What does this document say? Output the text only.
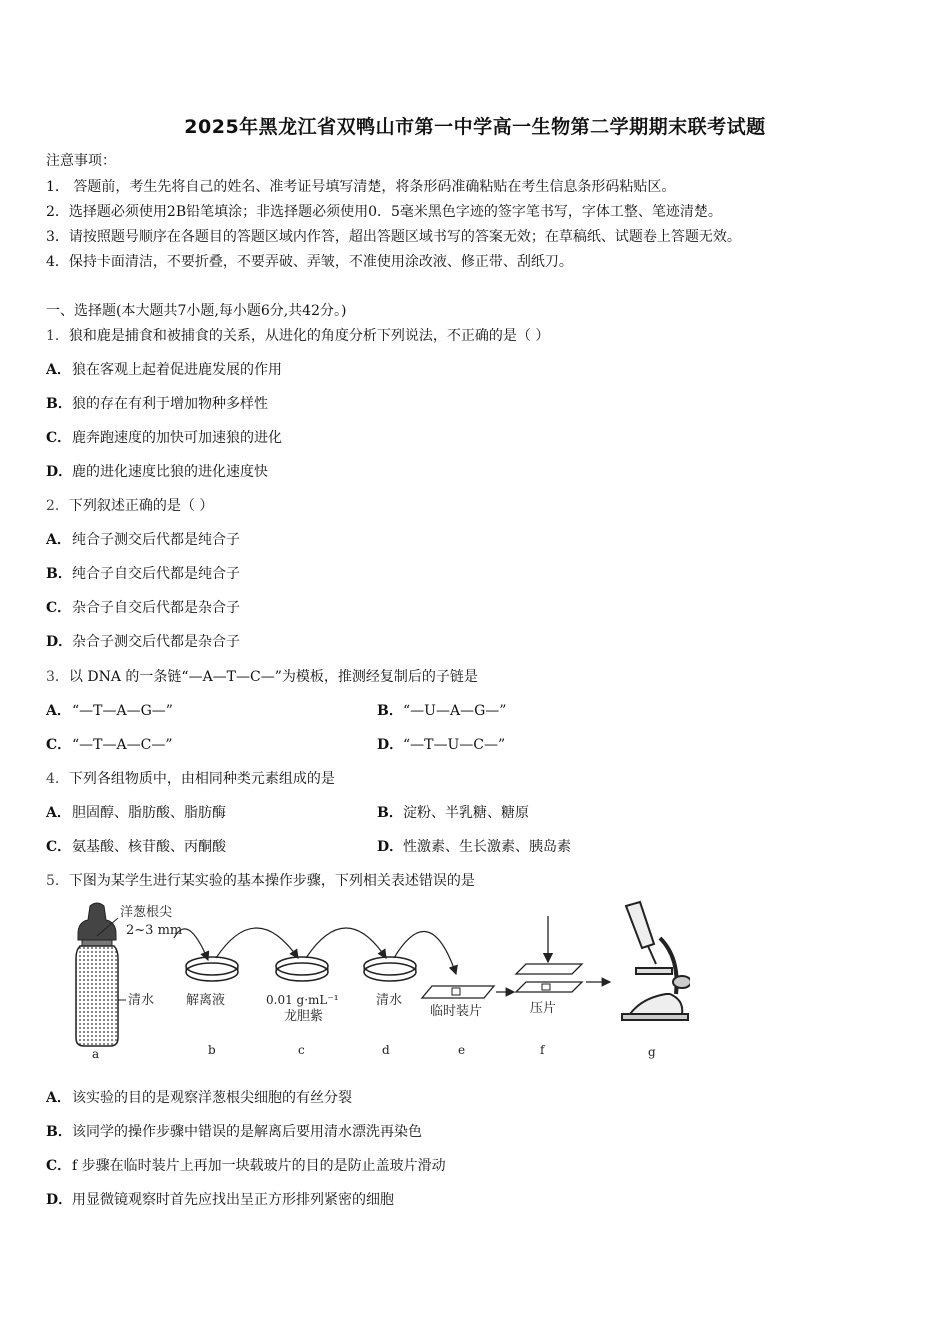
2025年黑龙江省双鸭山市第一中学高一生物第二学期期末联考试题
注意事项：
1． 答题前，考生先将自己的姓名、准考证号填写清楚，将条形码准确粘贴在考生信息条形码粘贴区。
2．选择题必须使用2B铅笔填涂；非选择题必须使用0．5毫米黑色字迹的签字笔书写，字体工整、笔迹清楚。
3．请按照题号顺序在各题目的答题区域内作答，超出答题区域书写的答案无效；在草稿纸、试题卷上答题无效。
4．保持卡面清洁，不要折叠，不要弄破、弄皱，不准使用涂改液、修正带、刮纸刀。
一、选择题(本大题共7小题,每小题6分,共42分。)
1．狼和鹿是捕食和被捕食的关系，从进化的角度分析下列说法，不正确的是（ ）
A．狼在客观上起着促进鹿发展的作用
B．狼的存在有利于增加物种多样性
C．鹿奔跑速度的加快可加速狼的进化
D．鹿的进化速度比狼的进化速度快
2．下列叙述正确的是（ ）
A．纯合子测交后代都是纯合子
B．纯合子自交后代都是纯合子
C．杂合子自交后代都是杂合子
D．杂合子测交后代都是杂合子
3．以 DNA 的一条链“—A—T—C—”为模板，推测经复制后的子链是
A．“—T—A—G—”	B．“—U—A—G—”
C．“—T—A—C—”	D．“—T—U—C—”
4．下列各组物质中，由相同种类元素组成的是
A．胆固醇、脂肪酸、脂肪酶	B．淀粉、半乳糖、糖原
C．氨基酸、核苷酸、丙酮酸	D．性激素、生长激素、胰岛素
5．下图为某学生进行某实验的基本操作步骤，下列相关表述错误的是
洋葱根尖
2~3 mm
清水 解离液	0.01 g·mL⁻¹
龙胆紫
清水
临时装片	压片
a	b	c	d	e	f	g
A．该实验的目的是观察洋葱根尖细胞的有丝分裂
B．该同学的操作步骤中错误的是解离后要用清水漂洗再染色
C．f 步骤在临时装片上再加一块载玻片的目的是防止盖玻片滑动
D．用显微镜观察时首先应找出呈正方形排列紧密的细胞
